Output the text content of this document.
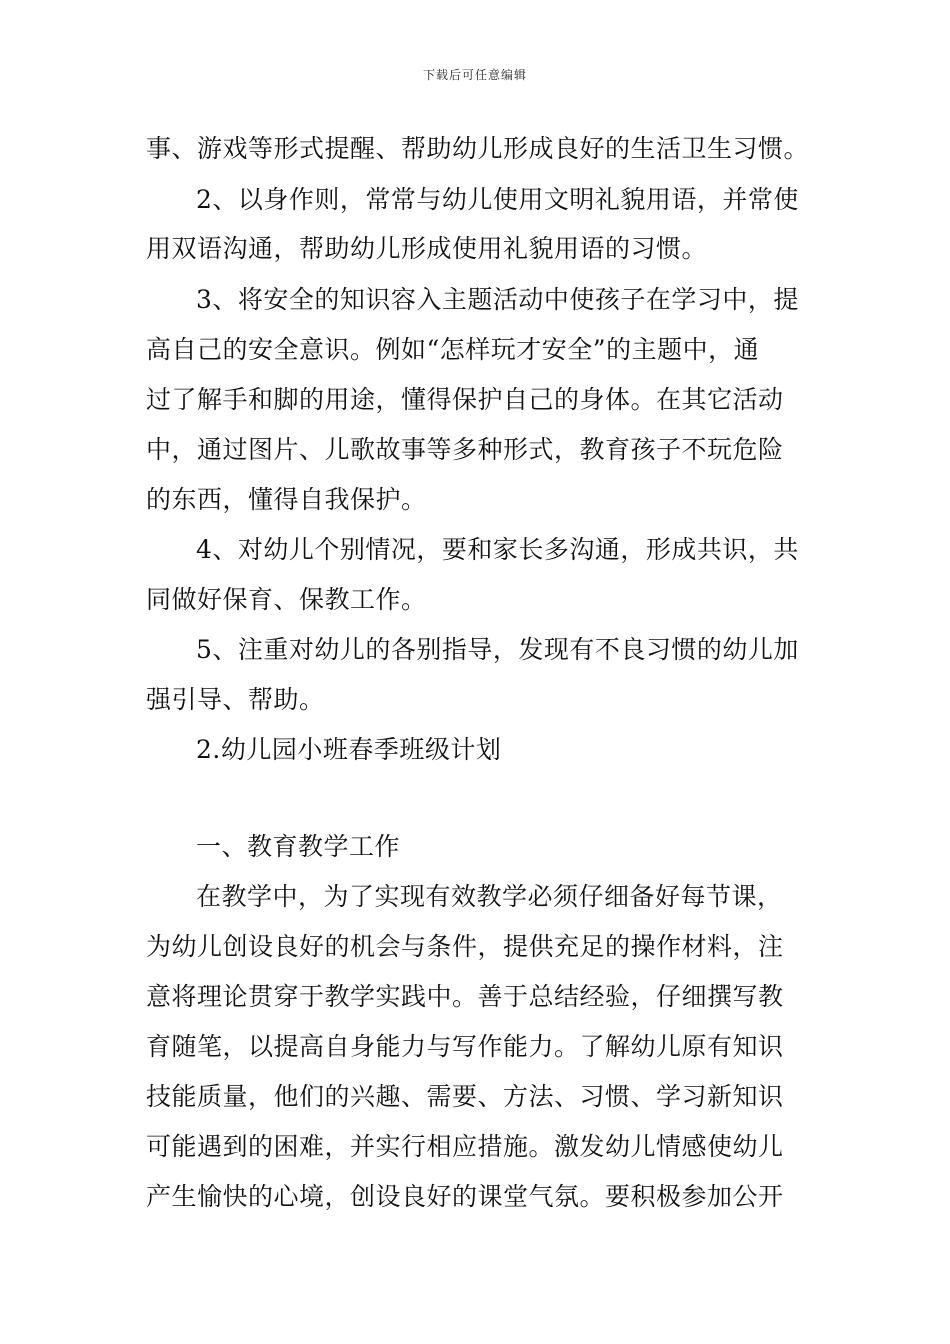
下载后可任意编辑
事、游戏等形式提醒、帮助幼儿形成良好的生活卫生习惯。
2、以身作则，常常与幼儿使用文明礼貌用语，并常使
用双语沟通，帮助幼儿形成使用礼貌用语的习惯。
3、将安全的知识容入主题活动中使孩子在学习中，提
高自己的安全意识。例如“怎样玩才安全”的主题中，通
过了解手和脚的用途，懂得保护自己的身体。在其它活动
中，通过图片、儿歌故事等多种形式，教育孩子不玩危险
的东西，懂得自我保护。
4、对幼儿个别情况，要和家长多沟通，形成共识，共
同做好保育、保教工作。
5、注重对幼儿的各别指导，发现有不良习惯的幼儿加
强引导、帮助。
2.幼儿园小班春季班级计划
一、教育教学工作
在教学中，为了实现有效教学必须仔细备好每节课，
为幼儿创设良好的机会与条件，提供充足的操作材料，注
意将理论贯穿于教学实践中。善于总结经验，仔细撰写教
育随笔，以提高自身能力与写作能力。了解幼儿原有知识
技能质量，他们的兴趣、需要、方法、习惯、学习新知识
可能遇到的困难，并实行相应措施。激发幼儿情感使幼儿
产生愉快的心境，创设良好的课堂气氛。要积极参加公开
